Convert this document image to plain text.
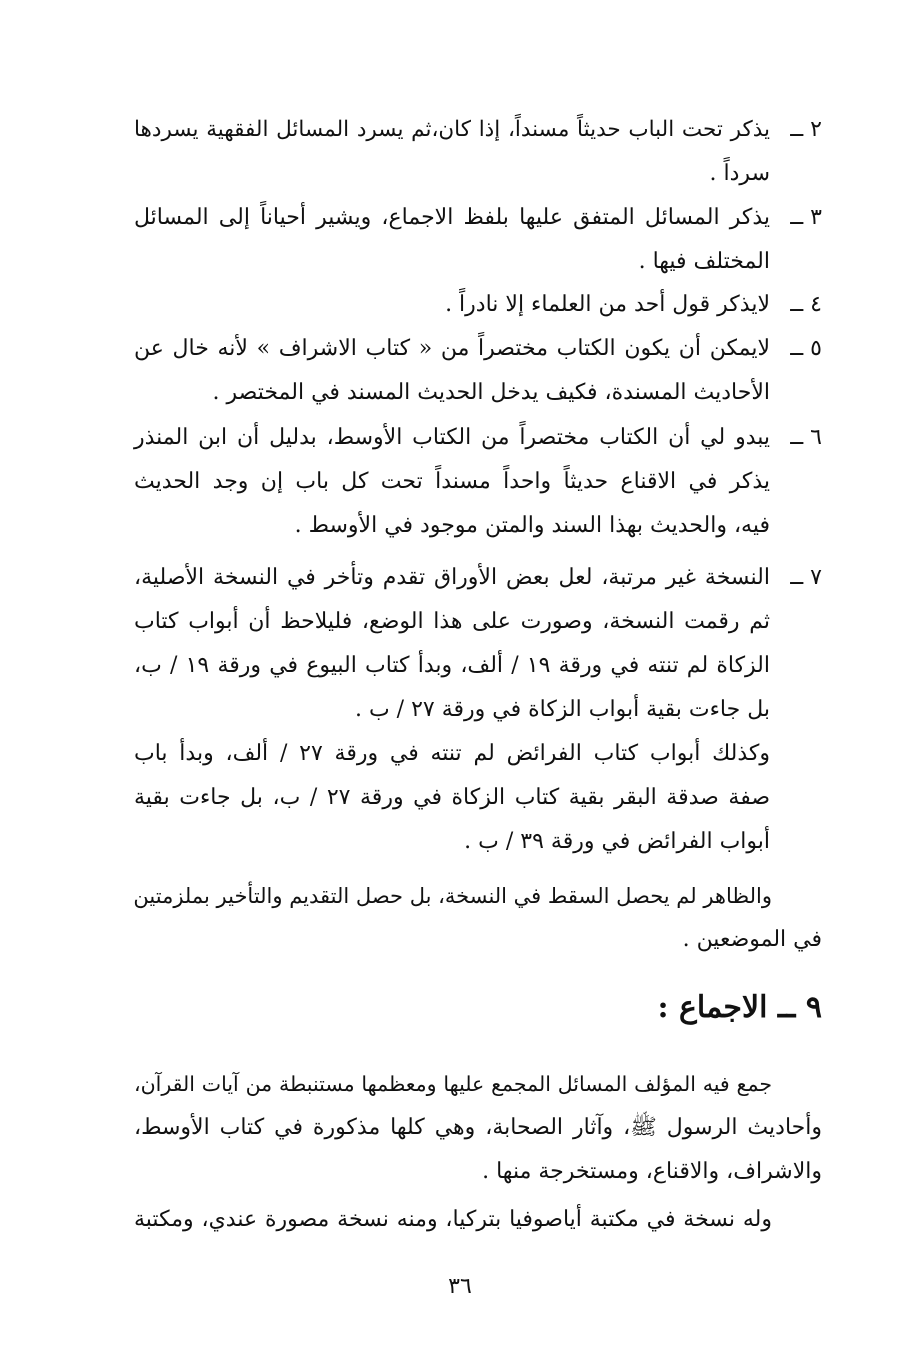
٢ ــ
يذكر تحت الباب حديثاً مسنداً، إذا كان،ثم يسرد المسائل الفقهية يسردها
سرداً .
٣ ــ
يذكر المسائل المتفق عليها بلفظ الاجماع، ويشير أحياناً إلى المسائل
المختلف فيها .
٤ ــ
لايذكر قول أحد من العلماء إلا نادراً .
٥ ــ
لايمكن أن يكون الكتاب مختصراً من « كتاب الاشراف » لأنه خال عن
الأحاديث المسندة، فكيف يدخل الحديث المسند في المختصر .
٦ ــ
يبدو لي أن الكتاب مختصراً من الكتاب الأوسط، بدليل أن ابن المنذر
يذكر في الاقناع حديثاً واحداً مسنداً تحت كل باب إن وجد الحديث
فيه، والحديث بهذا السند والمتن موجود في الأوسط .
٧ ــ
النسخة غير مرتبة، لعل بعض الأوراق تقدم وتأخر في النسخة الأصلية،
ثم رقمت النسخة، وصورت على هذا الوضع، فليلاحظ أن أبواب كتاب
الزكاة لم تنته في ورقة ١٩ / ألف، وبدأ كتاب البيوع في ورقة ١٩ / ب،
بل جاءت بقية أبواب الزكاة في ورقة ٢٧ / ب .
وكذلك أبواب كتاب الفرائض لم تنته في ورقة ٢٧ / ألف، وبدأ باب
صفة صدقة البقر بقية كتاب الزكاة في ورقة ٢٧ / ب، بل جاءت بقية
أبواب الفرائض في ورقة ٣٩ / ب .
والظاهر لم يحصل السقط في النسخة، بل حصل التقديم والتأخير بملزمتين
في الموضعين .
٩ ــ الاجماع :
جمع فيه المؤلف المسائل المجمع عليها ومعظمها مستنبطة من آيات القرآن،
وأحاديث الرسول ﷺ، وآثار الصحابة، وهي كلها مذكورة في كتاب الأوسط،
والاشراف، والاقناع، ومستخرجة منها .
وله نسخة في مكتبة أياصوفيا بتركيا، ومنه نسخة مصورة عندي، ومكتبة
٣٦
